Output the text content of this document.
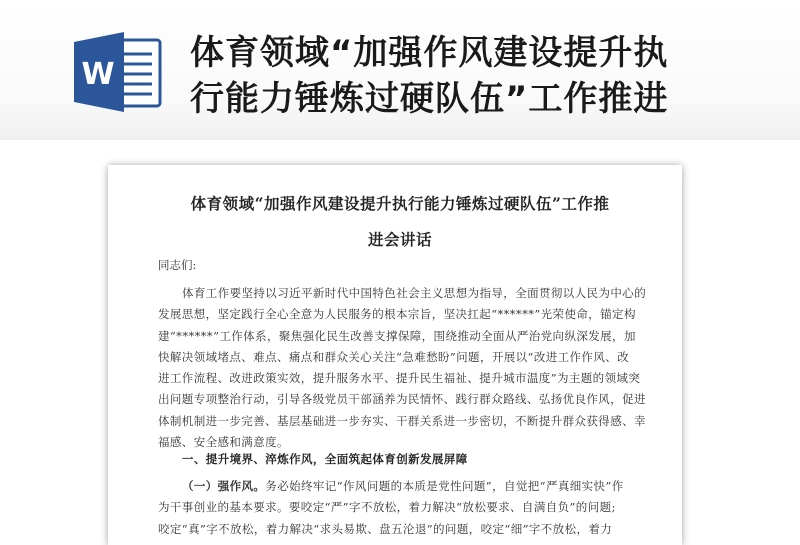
W
体育领域“加强作风建设提升执
行能力锤炼过硬队伍”工作推进
体育领域“加强作风建设提升执行能力锤炼过硬队伍”工作推
进会讲话
同志们:
体育工作要坚持以习近平新时代中国特色社会主义思想为指导，全面贯彻以人民为中心的
发展思想，坚定践行全心全意为人民服务的根本宗旨，坚决扛起“******”光荣使命，锚定构
建“******”工作体系，聚焦强化民生改善支撑保障，围绕推动全面从严治党向纵深发展，加
快解决领域堵点、难点、痛点和群众关心关注“急难愁盼”问题，开展以“改进工作作风、改
进工作流程、改进政策实效，提升服务水平、提升民生福祉、提升城市温度”为主题的领域突
出问题专项整治行动，引导各级党员干部涵养为民情怀、践行群众路线、弘扬优良作风，促进
体制机制进一步完善、基层基础进一步夯实、干群关系进一步密切，不断提升群众获得感、幸
福感、安全感和满意度。
一、提升境界、淬炼作风，全面筑起体育创新发展屏障
（一）强作风。务必始终牢记“作风问题的本质是党性问题”，自觉把“严真细实快”作
为干事创业的基本要求。要咬定“严”字不放松，着力解决“放松要求、自满自负”的问题;
咬定“真”字不放松，着力解决“求头易欺、盘五沦退”的问题，咬定“细”字不放松，着力
